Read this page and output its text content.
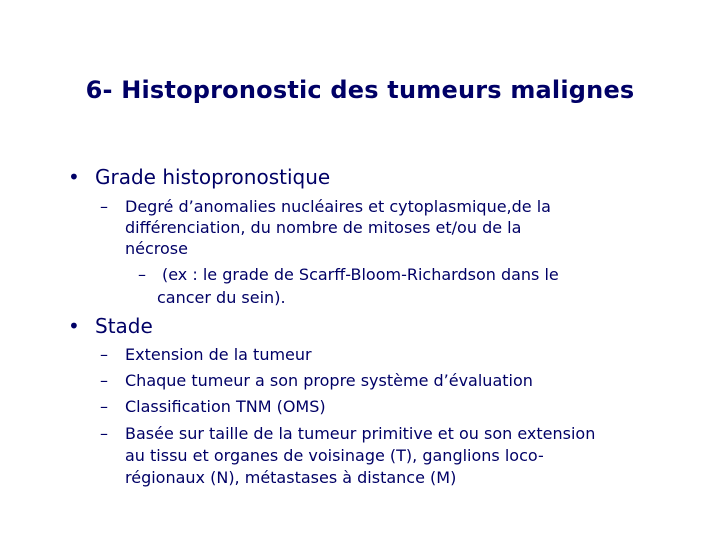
6- Histopronostic des tumeurs malignes
• Grade histopronostique
– Degré d’anomalies nucléaires et cytoplasmique,de la
différenciation, du nombre de mitoses et/ou de la
nécrose
– (ex : le grade de Scarff-Bloom-Richardson dans le
cancer du sein).
• Stade
– Extension de la tumeur
– Chaque tumeur a son propre système d’évaluation
– Classification TNM (OMS)
– Basée sur taille de la tumeur primitive et ou son extension
au tissu et organes de voisinage (T), ganglions loco-
régionaux (N), métastases à distance (M)
